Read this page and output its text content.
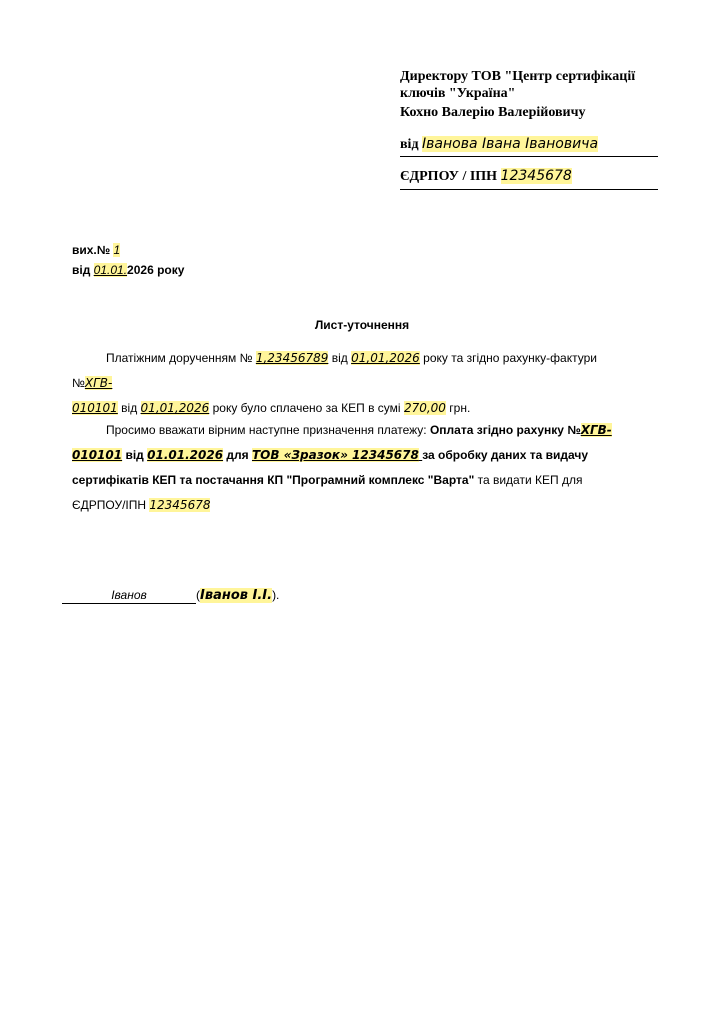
Директору ТОВ "Центр сертифікації
ключів "Україна"
Кохно Валерію Валерійовичу
від Іванова Івана Івановича
ЄДРПОУ / ІПН 12345678
вих.№ 1
від 01.01.2026 року
Лист-уточнення
Платіжним дорученням № 1,23456789 від 01,01,2026 року та згідно рахунку-фактури №ХГВ-
010101 від 01,01,2026 року було сплачено за КЕП в сумі 270,00 грн.
Просимо вважати вірним наступне призначення платежу: Оплата згідно рахунку №ХГВ-
010101 від 01.01.2026 для ТОВ «Зразок» 12345678 за обробку даних та видачу сертифікатів КЕП та постачання КП "Програмний комплекс "Варта" та видати КЕП для ЄДРПОУ/ІПН 12345678
Іванов	(Іванов І.І.).
